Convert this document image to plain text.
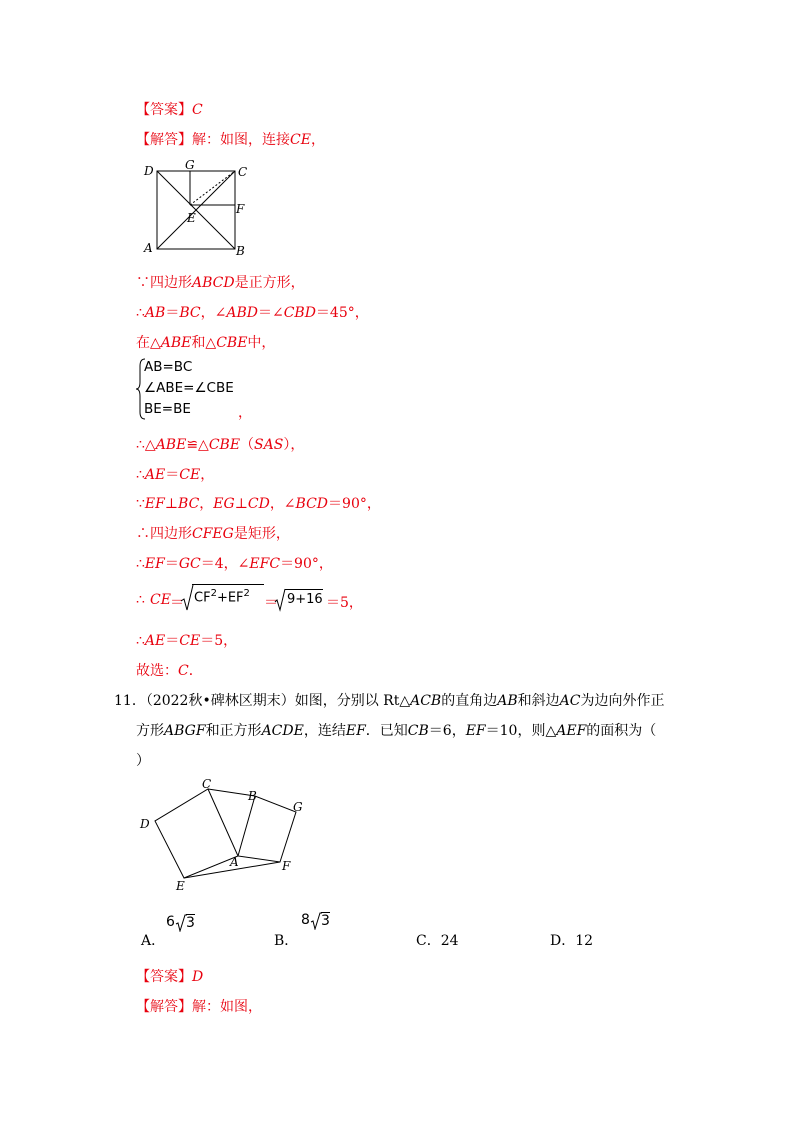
【答案】C
【解答】解：如图，连接CE，
D	G	C
F
E
A	B
∵四边形ABCD是正方形，
∴AB＝BC，∠ABD＝∠CBD＝45°，
在△ABE和△CBE中，
AB=BC
∠ABE=∠CBE
BE=BE	，
∴△ABE≌△CBE（SAS），
∴AE＝CE，
∵EF⊥BC，EG⊥CD，∠BCD＝90°，
∴四边形CFEG是矩形，
∴EF＝GC＝4，∠EFC＝90°，
∴ CE ＝ $CF^2+EF^2$
＝ 9+16 ＝5，
∴AE＝CE＝5，
故选：C．
11．（2022秋•碑林区期末）如图，分别以 Rt△ACB的直角边AB和斜边AC为边向外作正
方形ABGF和正方形ACDE，连结EF．已知CB＝6，EF＝10，则△AEF的面积为（
）
C
B
G
D
A	F
E
A．
6 3
B．
8 3
C．24	D．12
【答案】D
【解答】解：如图，
